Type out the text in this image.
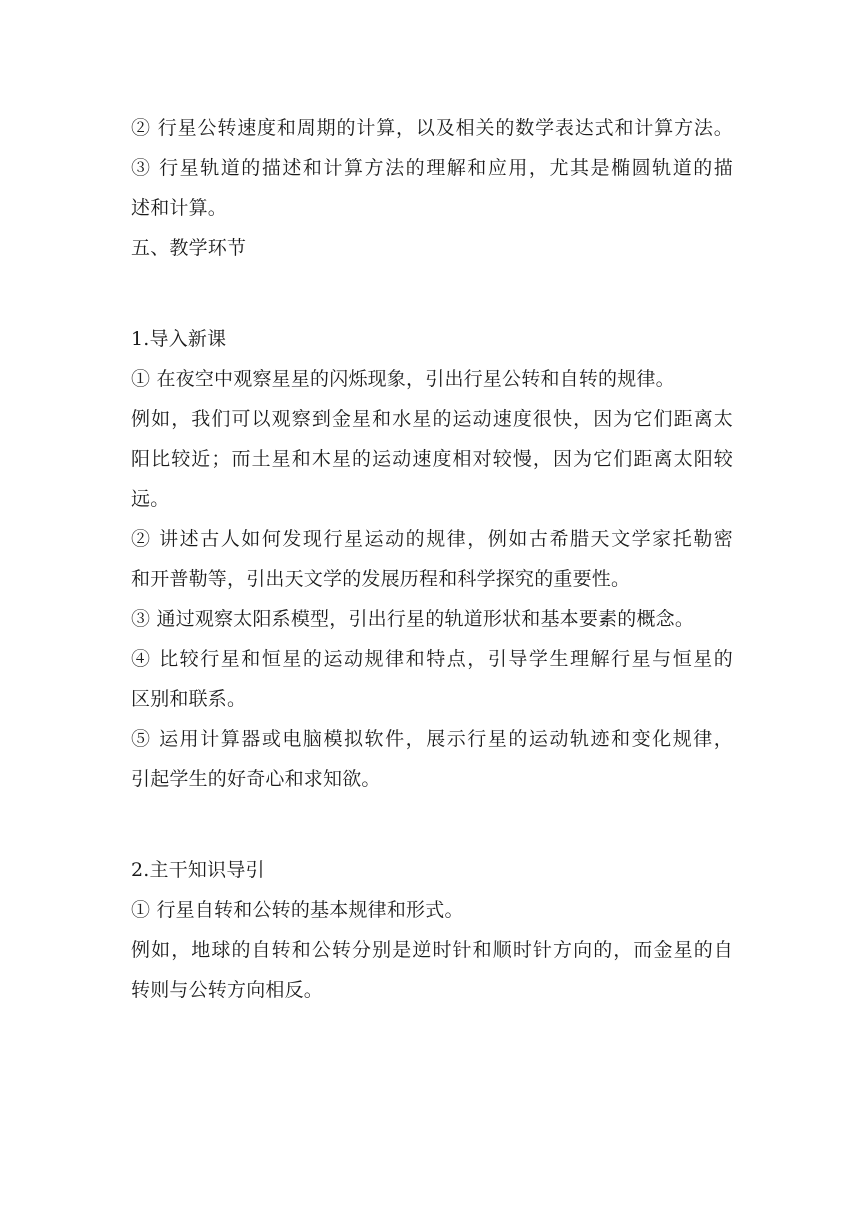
② 行星公转速度和周期的计算，以及相关的数学表达式和计算方法。
③ 行星轨道的描述和计算方法的理解和应用，尤其是椭圆轨道的描
述和计算。
五、教学环节
1.导入新课
① 在夜空中观察星星的闪烁现象，引出行星公转和自转的规律。
例如，我们可以观察到金星和水星的运动速度很快，因为它们距离太
阳比较近；而土星和木星的运动速度相对较慢，因为它们距离太阳较
远。
② 讲述古人如何发现行星运动的规律，例如古希腊天文学家托勒密
和开普勒等，引出天文学的发展历程和科学探究的重要性。
③ 通过观察太阳系模型，引出行星的轨道形状和基本要素的概念。
④ 比较行星和恒星的运动规律和特点，引导学生理解行星与恒星的
区别和联系。
⑤ 运用计算器或电脑模拟软件，展示行星的运动轨迹和变化规律，
引起学生的好奇心和求知欲。
2.主干知识导引
① 行星自转和公转的基本规律和形式。
例如，地球的自转和公转分别是逆时针和顺时针方向的，而金星的自
转则与公转方向相反。
